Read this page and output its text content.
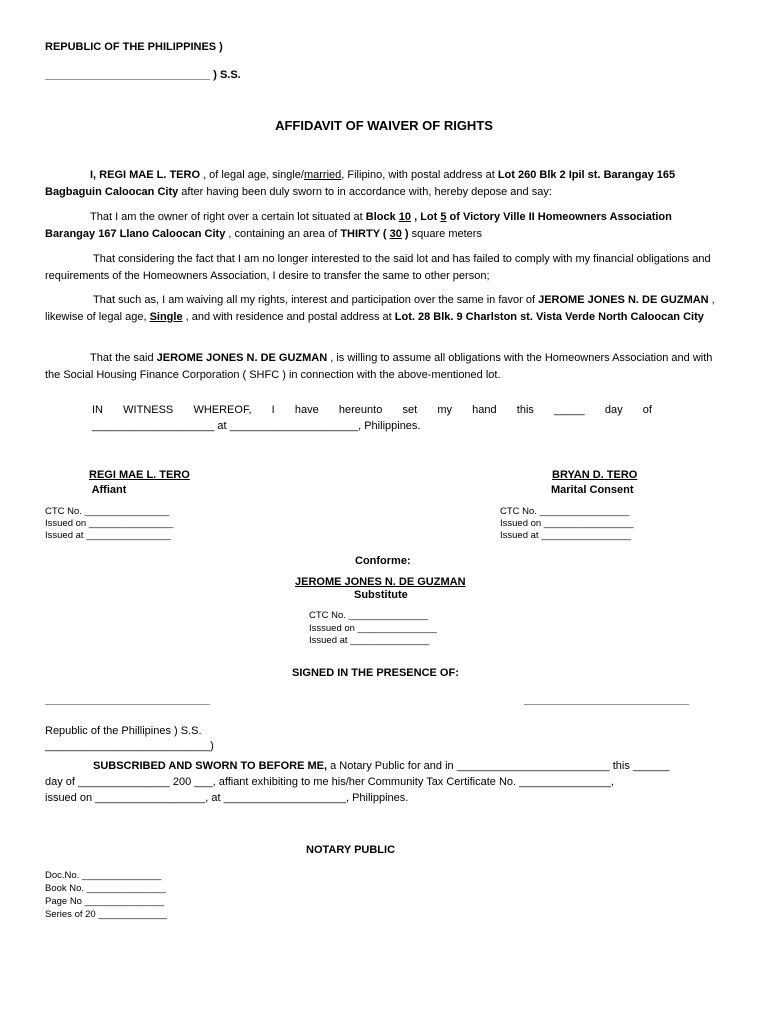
REPUBLIC OF THE PHILIPPINES )
___________________________ ) S.S.
AFFIDAVIT OF WAIVER OF RIGHTS
I, REGI MAE L. TERO , of legal age, single/married, Filipino, with postal address at Lot 260 Blk 2 Ipil st. Barangay 165 Bagbaguin Caloocan City after having been duly sworn to in accordance with, hereby depose and say:
That I am the owner of right over a certain lot situated at Block 10 , Lot 5 of Victory Ville II Homeowners Association Barangay 167 Llano Caloocan City , containing an area of THIRTY ( 30 ) square meters
That considering the fact that I am no longer interested to the said lot and has failed to comply with my financial obligations and requirements of the Homeowners Association, I desire to transfer the same to other person;
That such as, I am waiving all my rights, interest and participation over the same in favor of JEROME JONES N. DE GUZMAN , likewise of legal age, Single , and with residence and postal address at Lot. 28 Blk. 9 Charlston st. Vista Verde North Caloocan City
That the said JEROME JONES N. DE GUZMAN , is willing to assume all obligations with the Homeowners Association and with the Social Housing Finance Corporation ( SHFC ) in connection with the above-mentioned lot.
IN WITNESS WHEREOF, I have hereunto set my hand this _____ day of
____________________ at _____________________, Philippines.
REGI MAE L. TERO
Affiant
CTC No. ________________
Issued on ________________
Issued at ________________
BRYAN D. TERO
Marital Consent
CTC No. _________________
Issued on _________________
Issued at _________________
Conforme:
JEROME JONES N. DE GUZMAN
Substitute
CTC No. _______________
Isssued on _______________
Issued at _______________
SIGNED IN THE PRESENCE OF:
___________________________	___________________________
Republic of the Phillipines ) S.S.
___________________________)
SUBSCRIBED AND SWORN TO BEFORE ME, a Notary Public for and in _________________________ this ______
day of _______________ 200 ___, affiant exhibiting to me his/her Community Tax Certificate No. _______________,
issued on __________________, at ____________________, Philippines.
NOTARY PUBLIC
Doc.No. _______________
Book No. _______________
Page No _______________
Series of 20 _____________
